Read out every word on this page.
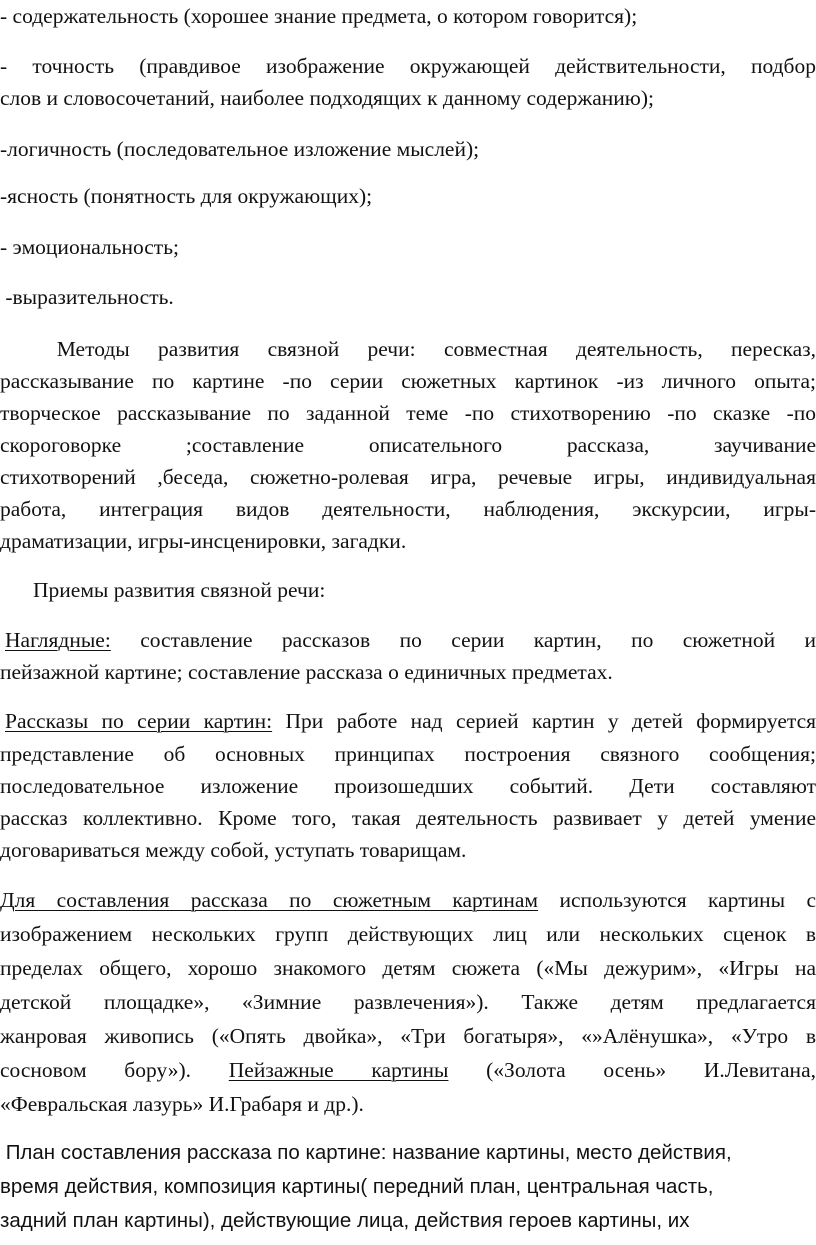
- содержательность (хорошее знание предмета, о котором говорится);
- точность (правдивое изображение окружающей действительности, подбор
слов и словосочетаний, наиболее подходящих к данному содержанию);
-логичность (последовательное изложение мыслей);
-ясность (понятность для окружающих);
- эмоциональность;
-выразительность.
Методы развития связной речи: совместная деятельность, пересказ,
рассказывание по картине -по серии сюжетных картинок -из личного опыта;
творческое рассказывание по заданной теме -по стихотворению -по сказке -по
скороговорке ;составление описательного рассказа, заучивание
стихотворений ,беседа, сюжетно-ролевая игра, речевые игры, индивидуальная
работа, интеграция видов деятельности, наблюдения, экскурсии, игры-
драматизации, игры-инсценировки, загадки.
Приемы развития связной речи:
Наглядные: составление рассказов по серии картин, по сюжетной и
пейзажной картине; составление рассказа о единичных предметах.
Рассказы по серии картин: При работе над серией картин у детей формируется
представление об основных принципах построения связного сообщения;
последовательное изложение произошедших событий. Дети составляют
рассказ коллективно. Кроме того, такая деятельность развивает у детей умение
договариваться между собой, уступать товарищам.
Для составления рассказа по сюжетным картинам используются картины с
изображением нескольких групп действующих лиц или нескольких сценок в
пределах общего, хорошо знакомого детям сюжета («Мы дежурим», «Игры на
детской площадке», «Зимние развлечения»). Также детям предлагается
жанровая живопись («Опять двойка», «Три богатыря», «»Алёнушка», «Утро в
сосновом бору»). Пейзажные картины («Золота осень» И.Левитана,
«Февральская лазурь» И.Грабаря и др.).
План составления рассказа по картине: название картины, место действия,
время действия, композиция картины( передний план, центральная часть,
задний план картины), действующие лица, действия героев картины, их
